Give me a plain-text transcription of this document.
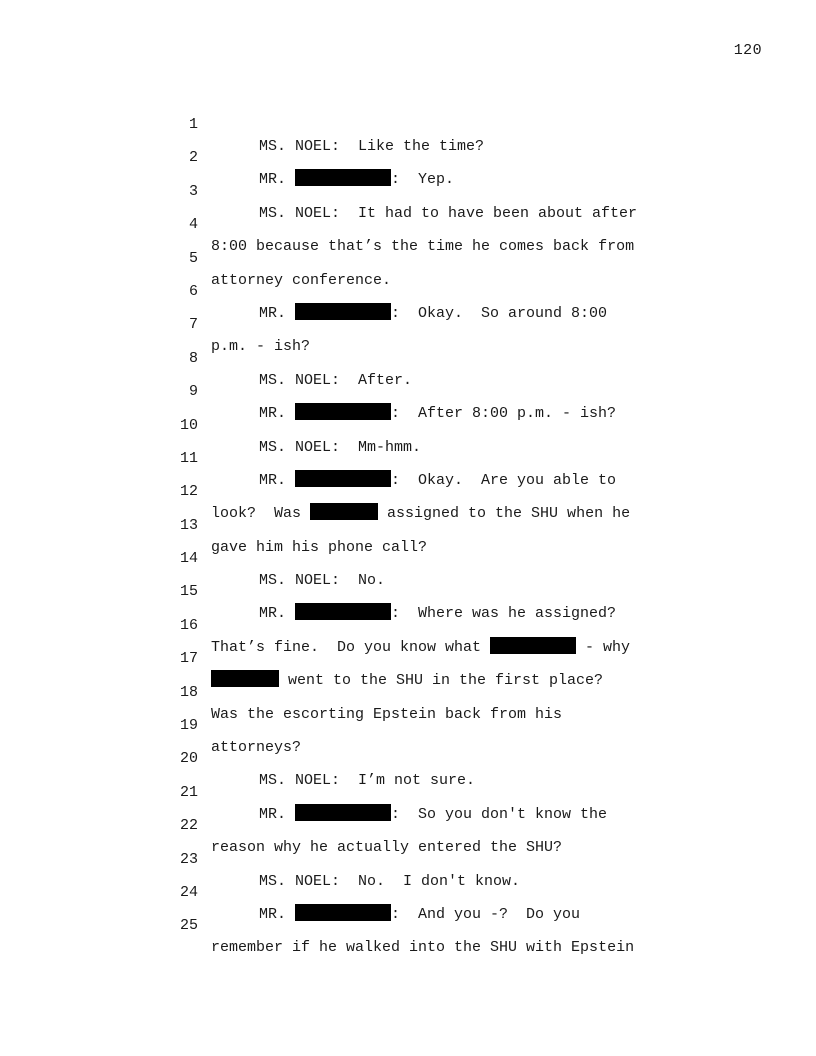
120

1

MS. NOEL:  Like the time?

2

MR.	:  Yep.

3

MS. NOEL:  It had to have been about after

4

8:00 because that’s the time he comes back from

5

attorney conference.

6

MR.	:  Okay.  So around 8:00

7

p.m. - ish?

8

MS. NOEL:  After.

9

MR.	:  After 8:00 p.m. - ish?

10

MS. NOEL:  Mm-hmm.

11

MR.	:  Okay.  Are you able to

12

look?  Was	assigned to the SHU when he

13

gave him his phone call?

14

MS. NOEL:  No.

15

MR.	:  Where was he assigned?

16

That’s fine.  Do you know what	- why

17

went to the SHU in the first place?

18

Was the escorting Epstein back from his

19

attorneys?

20

MS. NOEL:  I’m not sure.

21

MR.	:  So you don't know the

22

reason why he actually entered the SHU?

23

MS. NOEL:  No.  I don't know.

24

MR.	:  And you -?  Do you

25

remember if he walked into the SHU with Epstein
